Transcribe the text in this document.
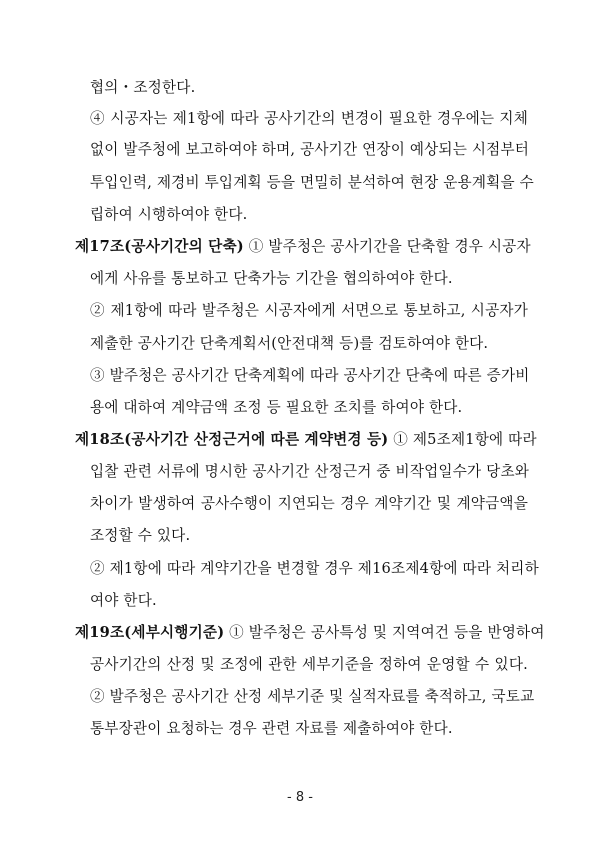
협의・조정한다.
④ 시공자는 제1항에 따라 공사기간의 변경이 필요한 경우에는 지체
없이 발주청에 보고하여야 하며, 공사기간 연장이 예상되는 시점부터
투입인력, 제경비 투입계획 등을 면밀히 분석하여 현장 운용계획을 수
립하여 시행하여야 한다.
제17조(공사기간의 단축) ① 발주청은 공사기간을 단축할 경우 시공자
에게 사유를 통보하고 단축가능 기간을 협의하여야 한다.
② 제1항에 따라 발주청은 시공자에게 서면으로 통보하고, 시공자가
제출한 공사기간 단축계획서(안전대책 등)를 검토하여야 한다.
③ 발주청은 공사기간 단축계획에 따라 공사기간 단축에 따른 증가비
용에 대하여 계약금액 조정 등 필요한 조치를 하여야 한다.
제18조(공사기간 산정근거에 따른 계약변경 등) ① 제5조제1항에 따라
입찰 관련 서류에 명시한 공사기간 산정근거 중 비작업일수가 당초와
차이가 발생하여 공사수행이 지연되는 경우 계약기간 및 계약금액을
조정할 수 있다.
② 제1항에 따라 계약기간을 변경할 경우 제16조제4항에 따라 처리하
여야 한다.
제19조(세부시행기준) ① 발주청은 공사특성 및 지역여건 등을 반영하여
공사기간의 산정 및 조정에 관한 세부기준을 정하여 운영할 수 있다.
② 발주청은 공사기간 산정 세부기준 및 실적자료를 축적하고, 국토교
통부장관이 요청하는 경우 관련 자료를 제출하여야 한다.
- 8 -
